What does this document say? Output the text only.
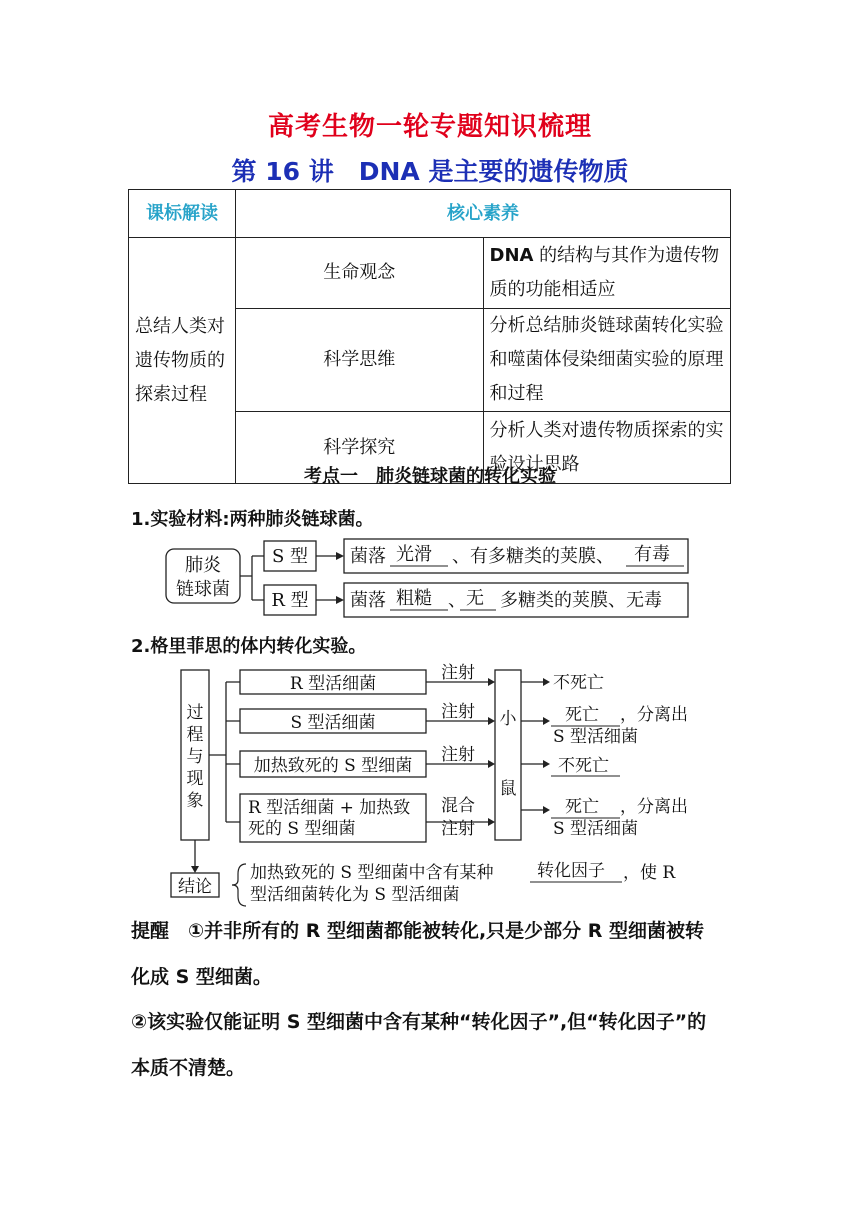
高考生物一轮专题知识梳理
第 16 讲　DNA 是主要的遗传物质
课标解读	核心素养	
总结人类对遗传物质的探索过程	生命观念	DNA 的结构与其作为遗传物质的功能相适应
	科学思维	分析总结肺炎链球菌转化实验和噬菌体侵染细菌实验的原理和过程
	科学探究	分析人类对遗传物质探索的实验设计思路
考点一　肺炎链球菌的转化实验
1.实验材料:两种肺炎链球菌。
肺炎
链球菌
S 型
R 型
菌落 光滑 、有多糖类的荚膜、 有毒
菌落 粗糙 、 无 多糖类的荚膜、无毒
过
程
与
现
象
R 型活细菌
S 型活细菌
加热致死的 S 型细菌
R 型活细菌 + 加热致
死的 S 型细菌
注射
注射
注射
混合
注射
小
鼠
不死亡
死亡 ，分离出
S 型活细菌
不死亡
死亡 ，分离出
S 型活细菌
结论
加热致死的 S 型细菌中含有某种	转化因子 ，使 R
型活细菌转化为 S 型活细菌
2.格里菲思的体内转化实验。
提醒　①并非所有的 R 型细菌都能被转化,只是少部分 R 型细菌被转
化成 S 型细菌。
②该实验仅能证明 S 型细菌中含有某种“转化因子”,但“转化因子”的
本质不清楚。
